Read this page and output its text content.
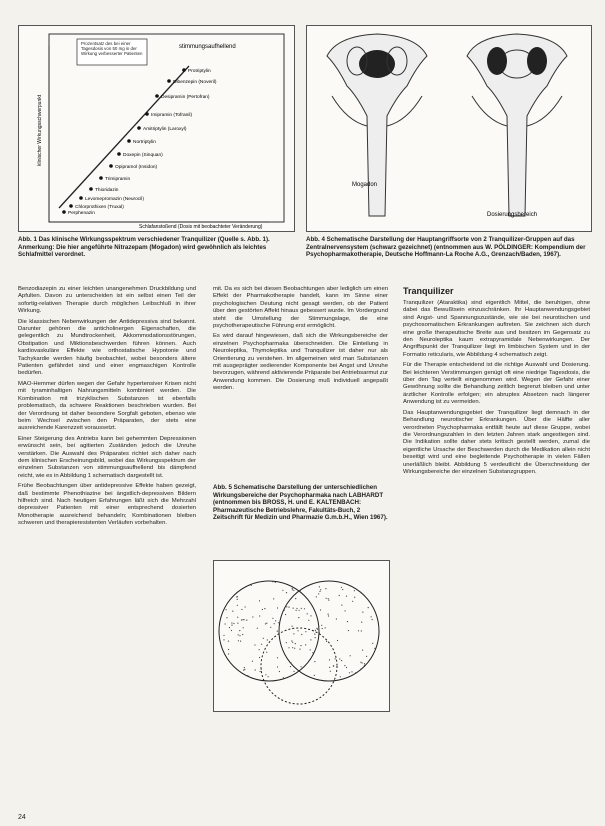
Dibenzepin (Noveril)
Desipramin (Pertofran)
Imipramin (Tofranil)
Amitriptylin (Laroxyl)
Nortriptylin
Doxepin (Sinquan)
Opipramol (Insidon)
Trimipramin
Thioridazin
Levomepromazin (Neurocil)
Chlorprothixen (Truxal)
Perphenazin
Protriptylin
stimmungsaufhellend
Schlafanstoßend (Dosis mit beobachteter Veränderung)
klinischer Wirkungsschwerpunkt
Prozentsatz des bei einer Tagesdosis von 50 mg in der Wirkung verbesserter Patienten
Mogadon
Dosierungsbereich

Abb. 1 Das klinische Wirkungsspektrum verschiedener Tranquilizer (Quelle s. Abb. 1). Anmerkung: Die hier angeführte Nitrazepam (Mogadon) wird gewöhnlich als leichtes Schlafmittel verordnet.

Abb. 4 Schematische Darstellung der Hauptangriffsorte von 2 Tranquilizer-Gruppen auf das Zentralnervensystem (schwarz gezeichnet) (entnommen aus W. PÖLDINGER: Kompendium der Psychopharmakotherapie, Deutsche Hoffmann-La Roche A.G., Grenzach/Baden, 1967).

Benzodiazepin zu einer leichten unangenehmen Druckbildung und Apfulten. Davon zu unterscheiden ist ein selbst einen Teil der sofortig-relativen Therapie durch möglichen Leibschluß in ihrer Wirkung.

Die klassischen Nebenwirkungen der Antidepressiva sind bekannt. Darunter gehören die anticholinergen Eigenschaften, die gelegentlich zu Mundtrockenheit, Akkommodationsstörungen, Obstipation und Miktionsbeschwerden führen können. Auch kardiovaskuläre Effekte wie orthostatische Hypotonie und Tachykardie werden häufig beobachtet, wobei besonders ältere Patienten gefährdet sind und einer engmaschigen Kontrolle bedürfen.

MAO-Hemmer dürfen wegen der Gefahr hypertensiver Krisen nicht mit tyraminhaltigen Nahrungsmitteln kombiniert werden. Die Kombination mit trizyklischen Substanzen ist ebenfalls problematisch, da schwere Reaktionen beschrieben wurden. Bei der Verordnung ist daher besondere Sorgfalt geboten, ebenso wie beim Wechsel zwischen den Präparaten, der stets eine ausreichende Karenzzeit voraussetzt.

Einer Steigerung des Antriebs kann bei gehemmten Depressionen erwünscht sein, bei agitierten Zuständen jedoch die Unruhe verstärken. Die Auswahl des Präparates richtet sich daher nach dem klinischen Erscheinungsbild, wobei das Wirkungsspektrum der einzelnen Substanzen von stimmungsaufhellend bis dämpfend reicht, wie es in Abbildung 1 schematisch dargestellt ist.

Frühe Beobachtungen über antidepressive Effekte haben gezeigt, daß bestimmte Phenothiazine bei ängstlich-depressiven Bildern hilfreich sind. Nach heutigen Erfahrungen läßt sich die Mehrzahl depressiver Patienten mit einer entsprechend dosierten Monotherapie ausreichend behandeln; Kombinationen bleiben schweren und therapieresistenten Verläufen vorbehalten.

mit. Da es sich bei diesen Beobachtungen aber lediglich um einen Effekt der Pharmakotherapie handelt, kann im Sinne einer psychologischen Deutung nicht gesagt werden, ob der Patient über den gestörten Affekt hinaus gebessert wurde. Im Vordergrund steht die Umstellung der Stimmungslage, die eine psychotherapeutische Führung erst ermöglicht.

Es wird darauf hingewiesen, daß sich die Wirkungsbereiche der einzelnen Psychopharmaka überschneiden. Die Einteilung in Neuroleptika, Thymoleptika und Tranquilizer ist daher nur als Orientierung zu verstehen. Im allgemeinen wird man Substanzen mit ausgeprägter sedierender Komponente bei Angst und Unruhe bevorzugen, während aktivierende Präparate bei Antriebsarmut zur Anwendung kommen. Die Dosierung muß individuell angepaßt werden.

Abb. 5 Schematische Darstellung der unterschiedlichen Wirkungsbereiche der Psychopharmaka nach LABHARDT (entnommen bis BROSS, H. und E. KALTENBACH: Pharmazeutische Betriebslehre, Fakultäts-Buch, 2 Zeitschrift für Medizin und Pharmazie G.m.b.H., Wien 1967).

Tranquilizer

Tranquilizer (Ataraktika) sind eigentlich Mittel, die beruhigen, ohne dabei das Bewußtsein einzuschränken. Ihr Hauptanwendungsgebiet sind Angst- und Spannungszustände, wie sie bei neurotischen und psychosomatischen Erkrankungen auftreten. Sie zeichnen sich durch eine große therapeutische Breite aus und besitzen im Gegensatz zu den Neuroleptika kaum extrapyramidale Nebenwirkungen. Der Angriffspunkt der Tranquilizer liegt im limbischen System und in der Formatio reticularis, wie Abbildung 4 schematisch zeigt.

Für die Therapie entscheidend ist die richtige Auswahl und Dosierung. Bei leichteren Verstimmungen genügt oft eine niedrige Tagesdosis, die über den Tag verteilt eingenommen wird. Wegen der Gefahr einer Gewöhnung sollte die Behandlung zeitlich begrenzt bleiben und unter ärztlicher Kontrolle erfolgen; ein abruptes Absetzen nach längerer Anwendung ist zu vermeiden.

Das Hauptanwendungsgebiet der Tranquilizer liegt demnach in der Behandlung neurotischer Erkrankungen. Über die Hälfte aller verordneten Psychopharmaka entfällt heute auf diese Gruppe, wobei die Verordnungszahlen in den letzten Jahren stark angestiegen sind. Die Indikation sollte daher stets kritisch gestellt werden, zumal die eigentliche Ursache der Beschwerden durch die Medikation allein nicht beseitigt wird und eine begleitende Psychotherapie in vielen Fällen unerläßlich bleibt. Abbildung 5 verdeutlicht die Überschneidung der Wirkungsbereiche der einzelnen Substanzgruppen.

24
